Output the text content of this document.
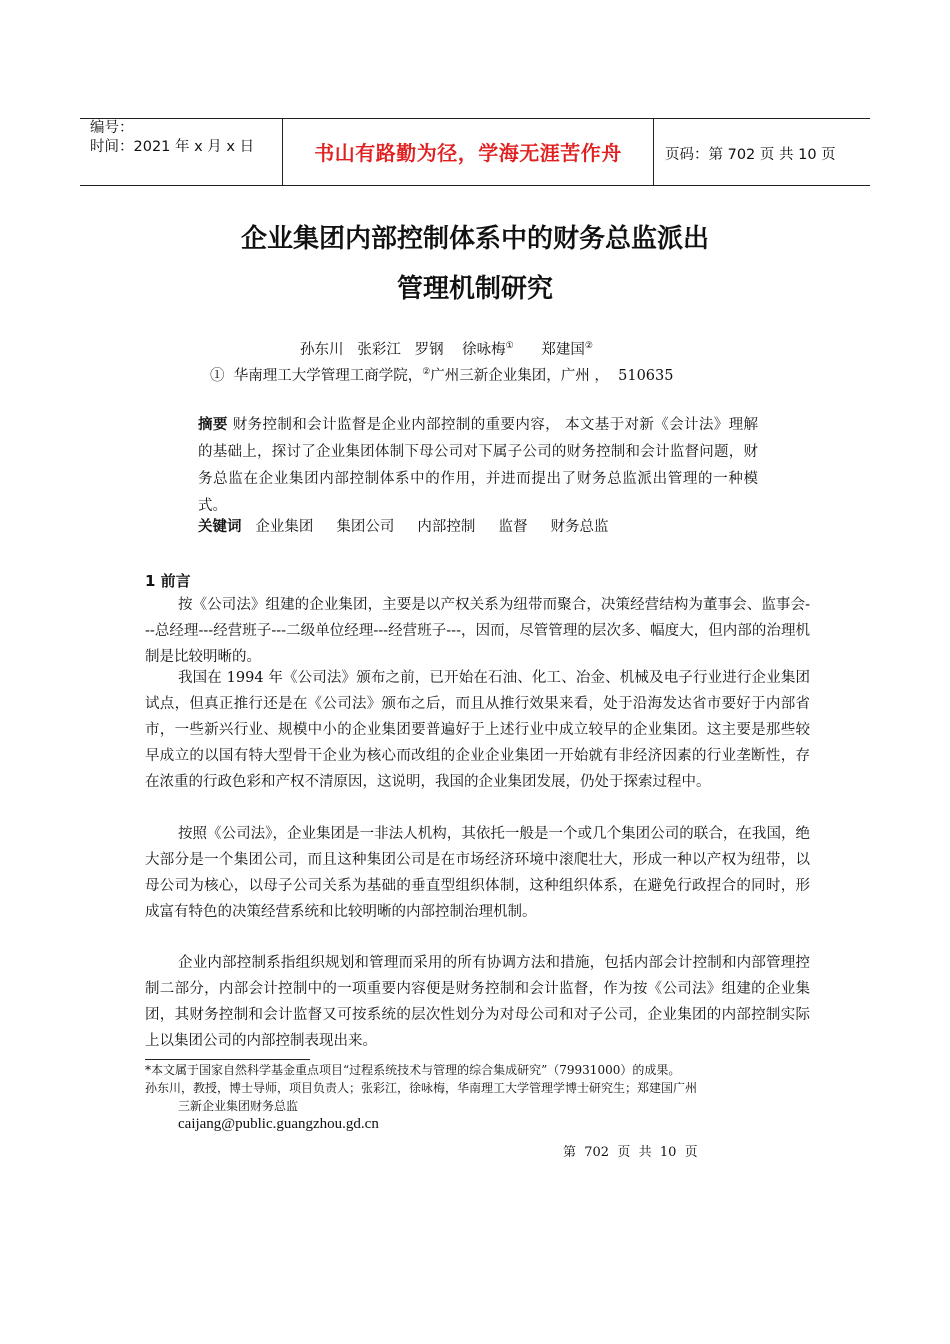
编号：
时间：2021 年 x 月 x 日	书山有路勤为径，学海无涯苦作舟	页码：第 702 页 共 10 页
企业集团内部控制体系中的财务总监派出
管理机制研究
孙东川   张彩江   罗钢    徐咏梅① 郑建国②
①  华南理工大学管理工商学院，②广州三新企业集团，广州 ，  510635
摘要 财务控制和会计监督是企业内部控制的重要内容， 本文基于对新《会计法》理解的基础上，探讨了企业集团体制下母公司对下属子公司的财务控制和会计监督问题，财务总监在企业集团内部控制体系中的作用，并进而提出了财务总监派出管理的一种模式。
关键词   企业集团     集团公司     内部控制     监督     财务总监
1 前言
按《公司法》组建的企业集团，主要是以产权关系为纽带而聚合，决策经营结构为董事会、监事会---总经理---经营班子---二级单位经理---经营班子---，因而，尽管管理的层次多、幅度大，但内部的治理机制是比较明晰的。
我国在 1994 年《公司法》颁布之前，已开始在石油、化工、冶金、机械及电子行业进行企业集团试点，但真正推行还是在《公司法》颁布之后，而且从推行效果来看，处于沿海发达省市要好于内部省市，一些新兴行业、规模中小的企业集团要普遍好于上述行业中成立较早的企业集团。这主要是那些较早成立的以国有特大型骨干企业为核心而改组的企业企业集团一开始就有非经济因素的行业垄断性，存在浓重的行政色彩和产权不清原因，这说明，我国的企业集团发展，仍处于探索过程中。
按照《公司法》，企业集团是一非法人机构，其依托一般是一个或几个集团公司的联合，在我国，绝大部分是一个集团公司，而且这种集团公司是在市场经济环境中滚爬壮大，形成一种以产权为纽带，以母公司为核心，以母子公司关系为基础的垂直型组织体制，这种组织体系，在避免行政捏合的同时，形成富有特色的决策经营系统和比较明晰的内部控制治理机制。
企业内部控制系指组织规划和管理而采用的所有协调方法和措施，包括内部会计控制和内部管理控制二部分，内部会计控制中的一项重要内容便是财务控制和会计监督，作为按《公司法》组建的企业集团，其财务控制和会计监督又可按系统的层次性划分为对母公司和对子公司，企业集团的内部控制实际上以集团公司的内部控制表现出来。
*本文属于国家自然科学基金重点项目“过程系统技术与管理的综合集成研究”（79931000）的成果。
孙东川，教授，博士导师，项目负责人；张彩江，徐咏梅，华南理工大学管理学博士研究生；郑建国广州
三新企业集团财务总监
caijang@public.guangzhou.gd.cn
第  702  页  共  10  页
